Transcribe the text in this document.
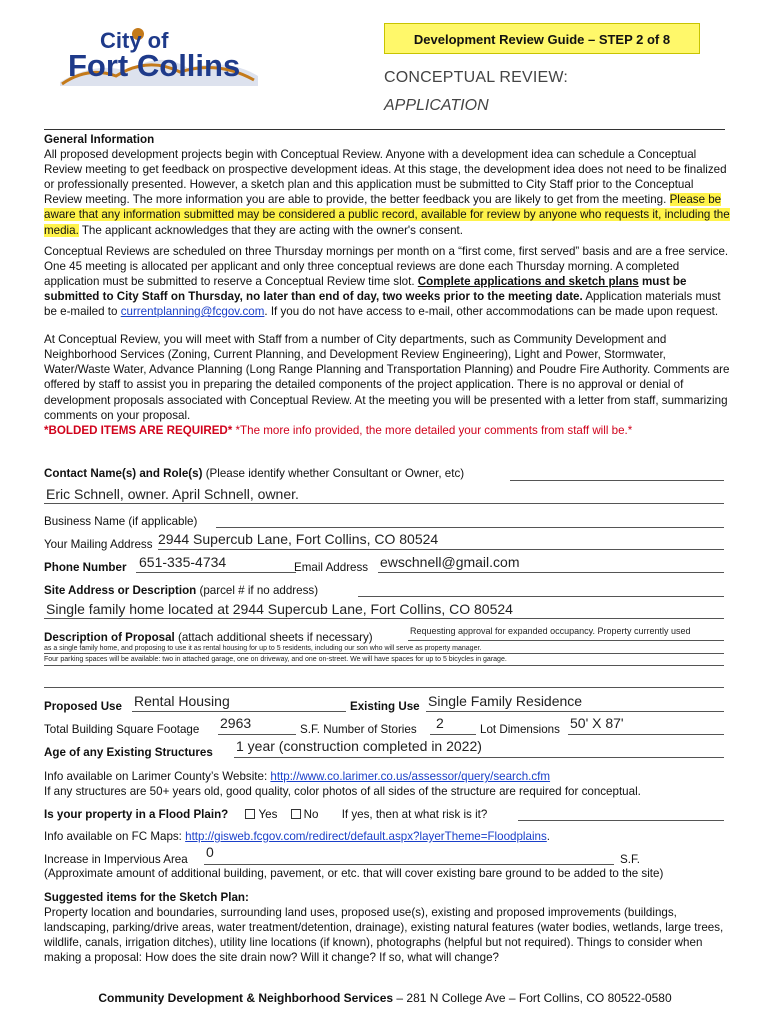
City of
Fort Collins
Development Review Guide – STEP 2 of 8
CONCEPTUAL REVIEW:
APPLICATION
General Information
All proposed development projects begin with Conceptual Review. Anyone with a development idea can schedule a Conceptual Review meeting to get feedback on prospective development ideas. At this stage, the development idea does not need to be finalized or professionally presented. However, a sketch plan and this application must be submitted to City Staff prior to the Conceptual Review meeting. The more information you are able to provide, the better feedback you are likely to get from the meeting. Please be aware that any information submitted may be considered a public record, available for review by anyone who requests it, including the media. The applicant acknowledges that they are acting with the owner's consent.
Conceptual Reviews are scheduled on three Thursday mornings per month on a “first come, first served” basis and are a free service. One 45 meeting is allocated per applicant and only three conceptual reviews are done each Thursday morning. A completed application must be submitted to reserve a Conceptual Review time slot. Complete applications and sketch plans must be submitted to City Staff on Thursday, no later than end of day, two weeks prior to the meeting date. Application materials must be e-mailed to currentplanning@fcgov.com. If you do not have access to e-mail, other accommodations can be made upon request.
At Conceptual Review, you will meet with Staff from a number of City departments, such as Community Development and Neighborhood Services (Zoning, Current Planning, and Development Review Engineering), Light and Power, Stormwater, Water/Waste Water, Advance Planning (Long Range Planning and Transportation Planning) and Poudre Fire Authority. Comments are offered by staff to assist you in preparing the detailed components of the project application. There is no approval or denial of development proposals associated with Conceptual Review. At the meeting you will be presented with a letter from staff, summarizing comments on your proposal.
*BOLDED ITEMS ARE REQUIRED* *The more info provided, the more detailed your comments from staff will be.*
Contact Name(s) and Role(s) (Please identify whether Consultant or Owner, etc)
Eric Schnell, owner. April Schnell, owner.
Business Name (if applicable)
Your Mailing Address 2944 Supercub Lane, Fort Collins, CO 80524
Phone Number 651-335-4734	Email Address ewschnell@gmail.com
Site Address or Description (parcel # if no address)
Single family home located at 2944 Supercub Lane, Fort Collins, CO 80524
Description of Proposal (attach additional sheets if necessary)	Requesting approval for expanded occupancy. Property currently used
as a single family home, and proposing to use it as rental housing for up to 5 residents, including our son who will serve as property manager.
Four parking spaces will be available: two in attached garage, one on driveway, and one on-street. We will have spaces for up to 5 bicycles in garage.
Proposed Use Rental Housing	Existing Use Single Family Residence
Total Building Square Footage 2963	S.F. Number of Stories 2	Lot Dimensions 50' X 87'
Age of any Existing Structures 1 year (construction completed in 2022)
Info available on Larimer County’s Website: http://www.co.larimer.co.us/assessor/query/search.cfm
If any structures are 50+ years old, good quality, color photos of all sides of the structure are required for conceptual.
Is your property in a Flood Plain?	Yes No If yes, then at what risk is it?
Info available on FC Maps: http://gisweb.fcgov.com/redirect/default.aspx?layerTheme=Floodplains.
Increase in Impervious Area 0	S.F.
(Approximate amount of additional building, pavement, or etc. that will cover existing bare ground to be added to the site)
Suggested items for the Sketch Plan:
Property location and boundaries, surrounding land uses, proposed use(s), existing and proposed improvements (buildings, landscaping, parking/drive areas, water treatment/detention, drainage), existing natural features (water bodies, wetlands, large trees, wildlife, canals, irrigation ditches), utility line locations (if known), photographs (helpful but not required). Things to consider when making a proposal: How does the site drain now? Will it change? If so, what will change?
Community Development & Neighborhood Services – 281 N College Ave – Fort Collins, CO 80522-0580
